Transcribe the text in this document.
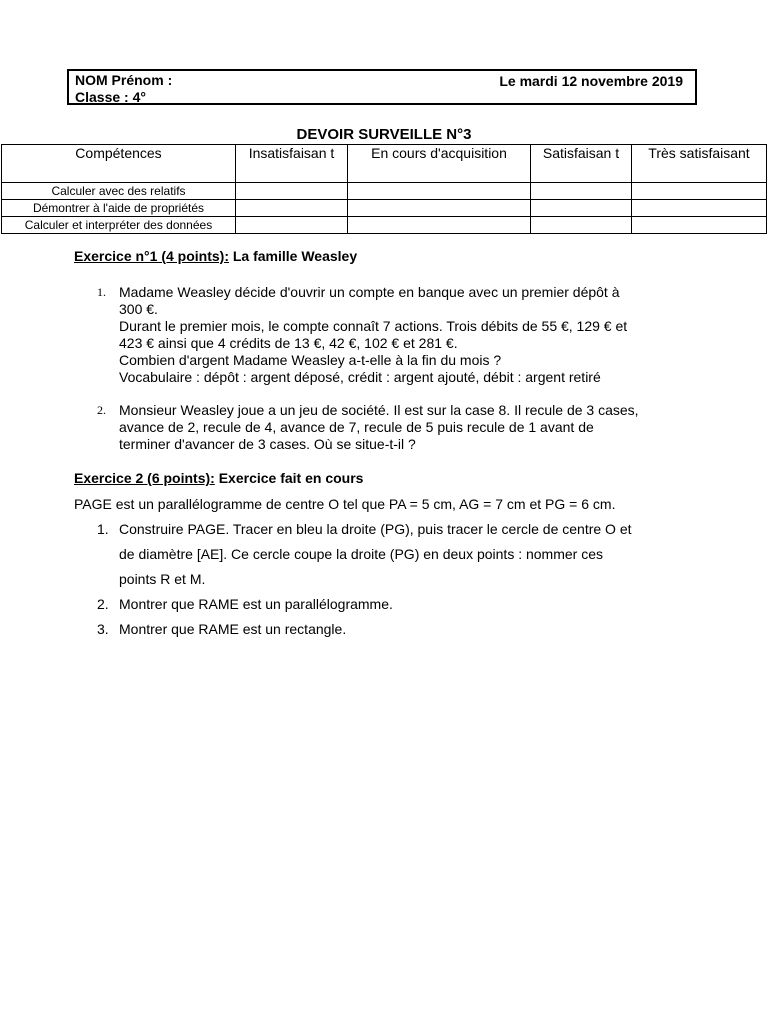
NOM Prénom :
Classe : 4°
Le mardi 12 novembre 2019
DEVOIR SURVEILLE N°3
Compétences	Insatisfaisan t	En cours d'acquisition	Satisfaisan t	Très satisfaisant
Calculer avec des relatifs				
Démontrer à l'aide de propriétés				
Calculer et interpréter des données				
Exercice n°1 (4 points): La famille Weasley
1. Madame Weasley décide d'ouvrir un compte en banque avec un premier dépôt à
300 €.
Durant le premier mois, le compte connaît 7 actions. Trois débits de 55 €, 129 € et
423 € ainsi que 4 crédits de 13 €, 42 €, 102 € et 281 €.
Combien d'argent Madame Weasley a-t-elle à la fin du mois ?
Vocabulaire : dépôt : argent déposé, crédit : argent ajouté, débit : argent retiré
2. Monsieur Weasley joue a un jeu de société. Il est sur la case 8. Il recule de 3 cases,
avance de 2, recule de 4, avance de 7, recule de 5 puis recule de 1 avant de
terminer d'avancer de 3 cases. Où se situe-t-il ?
Exercice 2 (6 points): Exercice fait en cours
PAGE est un parallélogramme de centre O tel que PA = 5 cm, AG = 7 cm et PG = 6 cm.
1. Construire PAGE. Tracer en bleu la droite (PG), puis tracer le cercle de centre O et
de diamètre [AE]. Ce cercle coupe la droite (PG) en deux points : nommer ces
points R et M.
2. Montrer que RAME est un parallélogramme.
3. Montrer que RAME est un rectangle.
